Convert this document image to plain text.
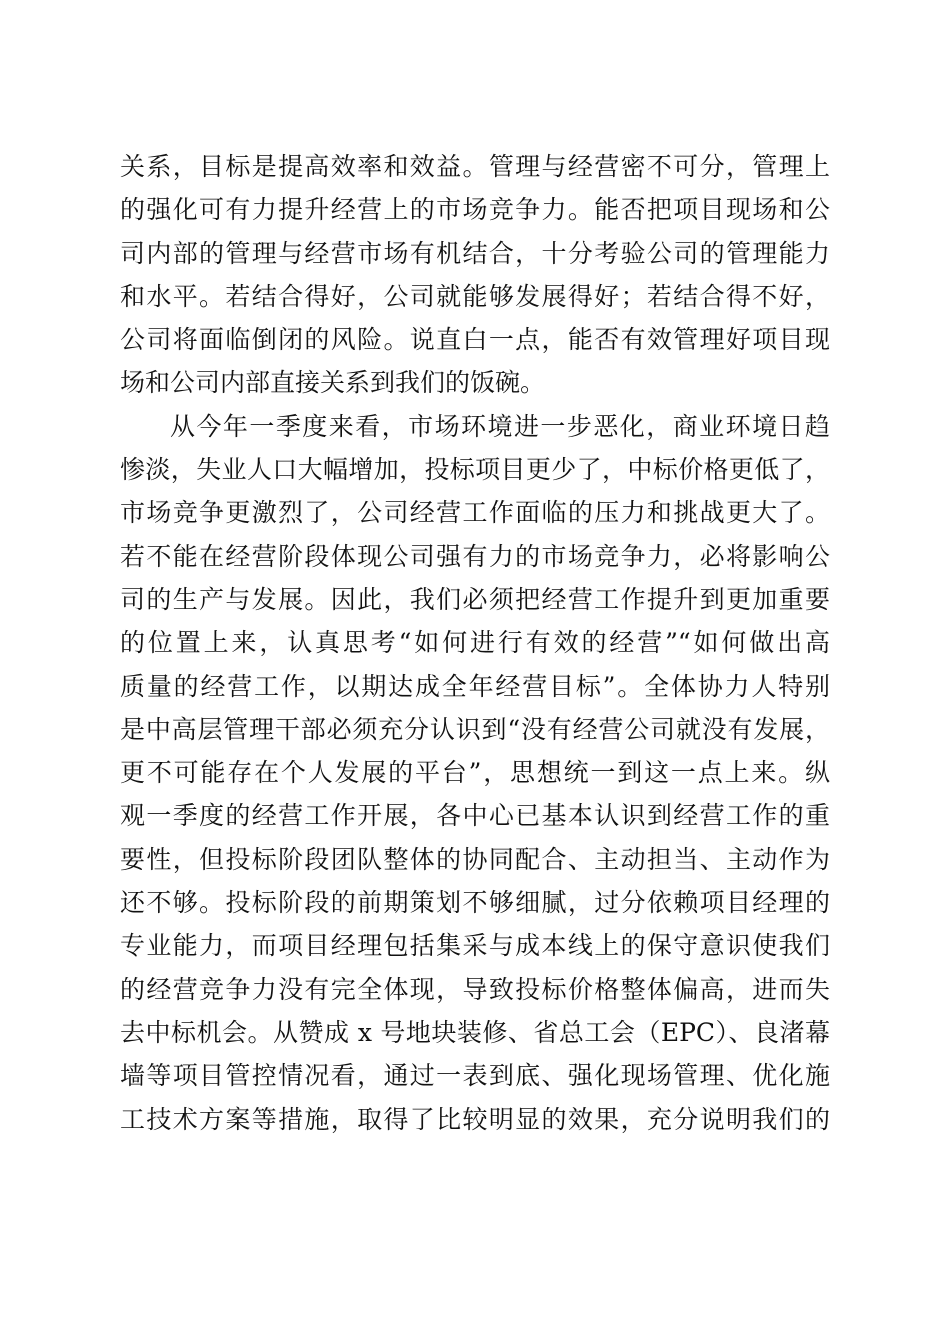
关系，目标是提高效率和效益。管理与经营密不可分，管理上
的强化可有力提升经营上的市场竞争力。能否把项目现场和公
司内部的管理与经营市场有机结合，十分考验公司的管理能力
和水平。若结合得好，公司就能够发展得好；若结合得不好，
公司将面临倒闭的风险。说直白一点，能否有效管理好项目现
场和公司内部直接关系到我们的饭碗。
从今年一季度来看，市场环境进一步恶化，商业环境日趋
惨淡，失业人口大幅增加，投标项目更少了，中标价格更低了，
市场竞争更激烈了，公司经营工作面临的压力和挑战更大了。
若不能在经营阶段体现公司强有力的市场竞争力，必将影响公
司的生产与发展。因此，我们必须把经营工作提升到更加重要
的位置上来，认真思考“如何进行有效的经营”“如何做出高
质量的经营工作，以期达成全年经营目标”。全体协力人特别
是中高层管理干部必须充分认识到“没有经营公司就没有发展，
更不可能存在个人发展的平台”，思想统一到这一点上来。纵
观一季度的经营工作开展，各中心已基本认识到经营工作的重
要性，但投标阶段团队整体的协同配合、主动担当、主动作为
还不够。投标阶段的前期策划不够细腻，过分依赖项目经理的
专业能力，而项目经理包括集采与成本线上的保守意识使我们
的经营竞争力没有完全体现，导致投标价格整体偏高，进而失
去中标机会。从赞成 x 号地块装修、省总工会（EPC）、良渚幕
墙等项目管控情况看，通过一表到底、强化现场管理、优化施
工技术方案等措施，取得了比较明显的效果，充分说明我们的
